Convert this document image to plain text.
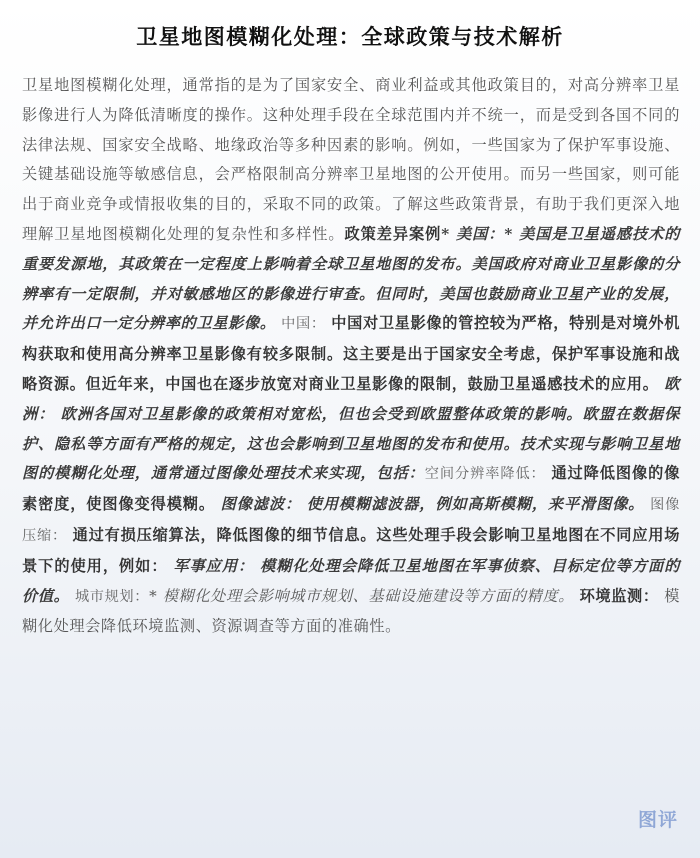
卫星地图模糊化处理：全球政策与技术解析
卫星地图模糊化处理，通常指的是为了国家安全、商业利益或其他政策目的，对高分辨率卫星影像进行人为降低清晰度的操作。这种处理手段在全球范围内并不统一，而是受到各国不同的法律法规、国家安全战略、地缘政治等多种因素的影响。例如，一些国家为了保护军事设施、关键基础设施等敏感信息，会严格限制高分辨率卫星地图的公开使用。而另一些国家，则可能出于商业竞争或情报收集的目的，采取不同的政策。了解这些政策背景，有助于我们更深入地理解卫星地图模糊化处理的复杂性和多样性。政策差异案例* 美国：* 美国是卫星遥感技术的重要发源地，其政策在一定程度上影响着全球卫星地图的发布。美国政府对商业卫星影像的分辨率有一定限制，并对敏感地区的影像进行审查。但同时，美国也鼓励商业卫星产业的发展，并允许出口一定分辨率的卫星影像。 中国： 中国对卫星影像的管控较为严格，特别是对境外机构获取和使用高分辨率卫星影像有较多限制。这主要是出于国家安全考虑，保护军事设施和战略资源。但近年来，中国也在逐步放宽对商业卫星影像的限制，鼓励卫星遥感技术的应用。 欧洲： 欧洲各国对卫星影像的政策相对宽松，但也会受到欧盟整体政策的影响。欧盟在数据保护、隐私等方面有严格的规定，这也会影响到卫星地图的发布和使用。技术实现与影响卫星地图的模糊化处理，通常通过图像处理技术来实现，包括：空间分辨率降低： 通过降低图像的像素密度，使图像变得模糊。 图像滤波： 使用模糊滤波器，例如高斯模糊，来平滑图像。 图像压缩： 通过有损压缩算法，降低图像的细节信息。这些处理手段会影响卫星地图在不同应用场景下的使用，例如： 军事应用： 模糊化处理会降低卫星地图在军事侦察、目标定位等方面的价值。 城市规划：* 模糊化处理会影响城市规划、基础设施建设等方面的精度。 环境监测： 模糊化处理会降低环境监测、资源调查等方面的准确性。
图评
